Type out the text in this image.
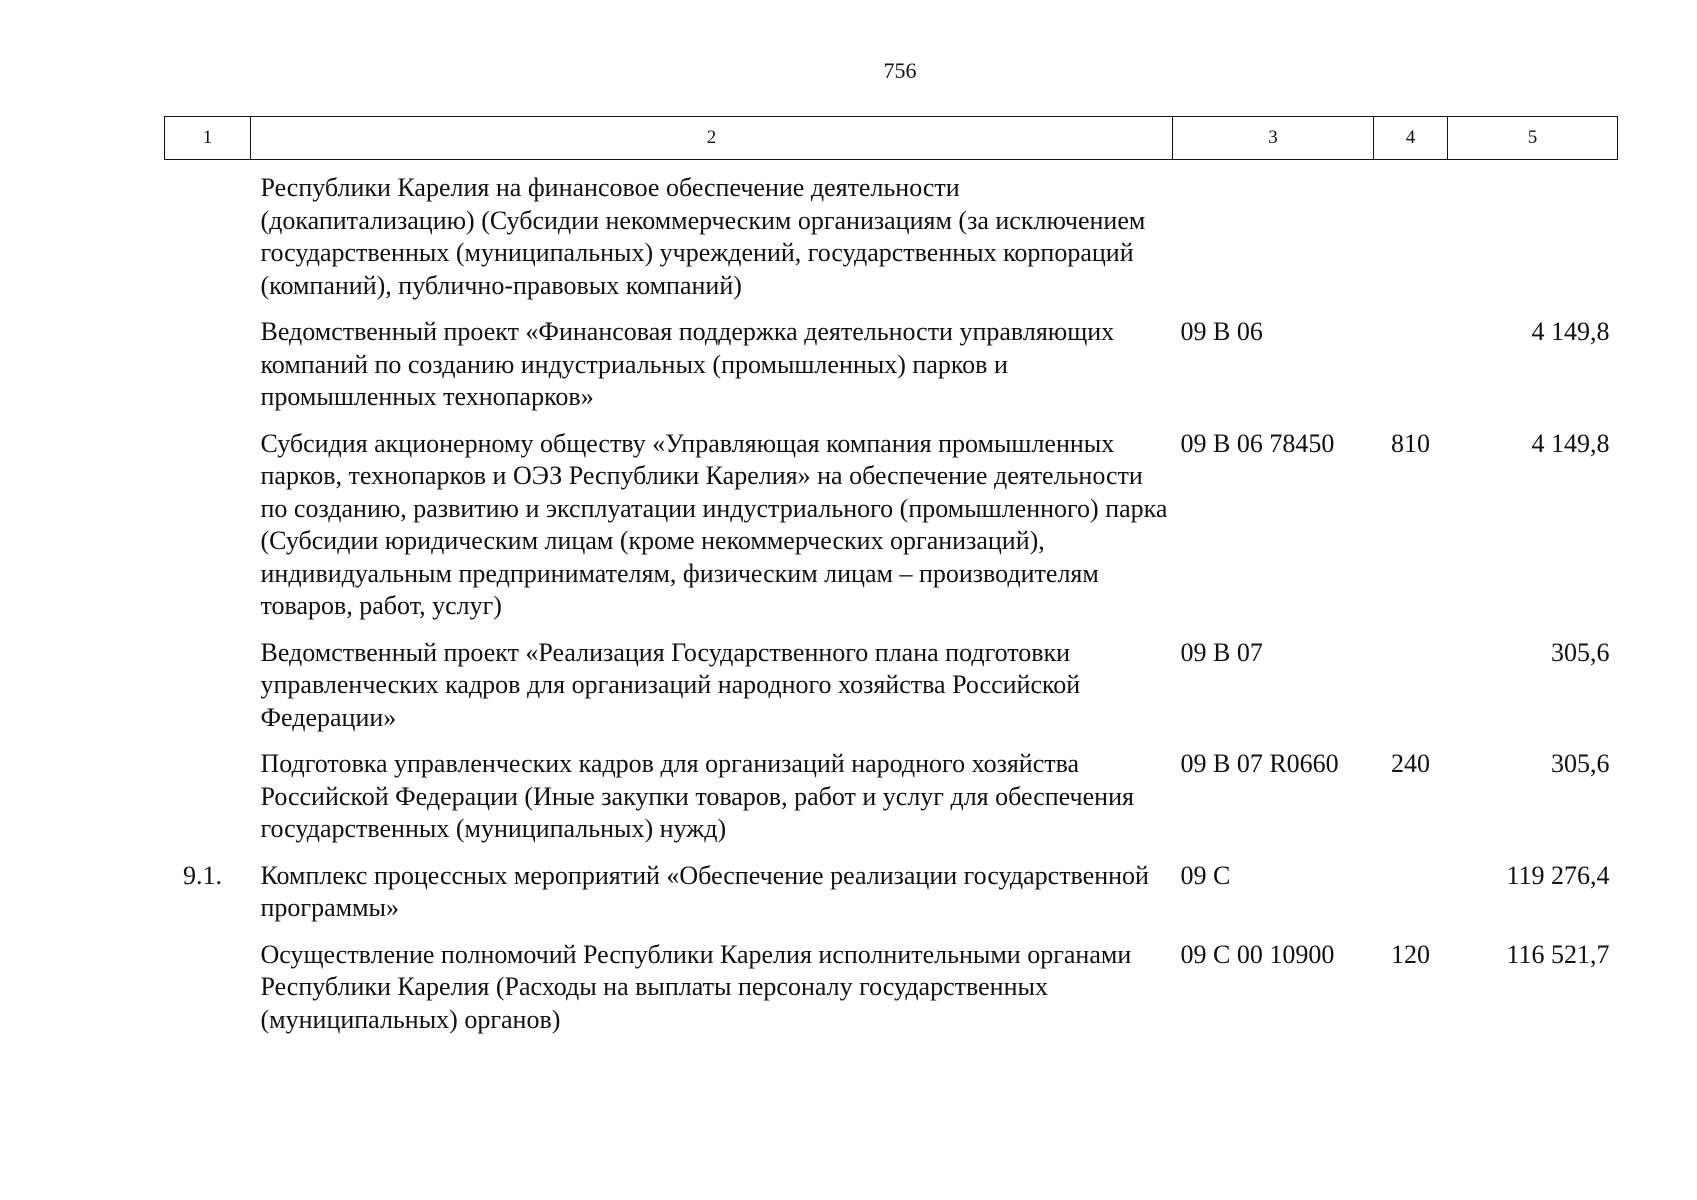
756
1	2	3	4	5
	Республики Карелия на финансовое обеспечение деятельности (докапитализацию) (Субсидии некоммерческим организациям (за исключением государственных (муниципальных) учреждений, государственных корпораций (компаний), публично-правовых компаний)			
	Ведомственный проект «Финансовая поддержка деятельности управляющих компаний по созданию индустриальных (промышленных) парков и промышленных технопарков»	09 В 06		4 149,8
	Субсидия акционерному обществу «Управляющая компания промышленных парков, технопарков и ОЭЗ Республики Карелия» на обеспечение деятельности по созданию, развитию и эксплуатации индустриального (промышленного) парка (Субсидии юридическим лицам (кроме некоммерческих организаций), индивидуальным предпринимателям, физическим лицам – производителям товаров, работ, услуг)	09 В 06 78450	810	4 149,8
	Ведомственный проект «Реализация Государственного плана подготовки управленческих кадров для организаций народного хозяйства Российской Федерации»	09 В 07		305,6
	Подготовка управленческих кадров для организаций народного хозяйства Российской Федерации (Иные закупки товаров, работ и услуг для обеспечения государственных (муниципальных) нужд)	09 В 07 R0660	240	305,6
9.1.	Комплекс процессных мероприятий «Обеспечение реализации государственной программы»	09 С		119 276,4
	Осуществление полномочий Республики Карелия исполнительными органами Республики Карелия (Расходы на выплаты персоналу государственных (муниципальных) органов)	09 С 00 10900	120	116 521,7
